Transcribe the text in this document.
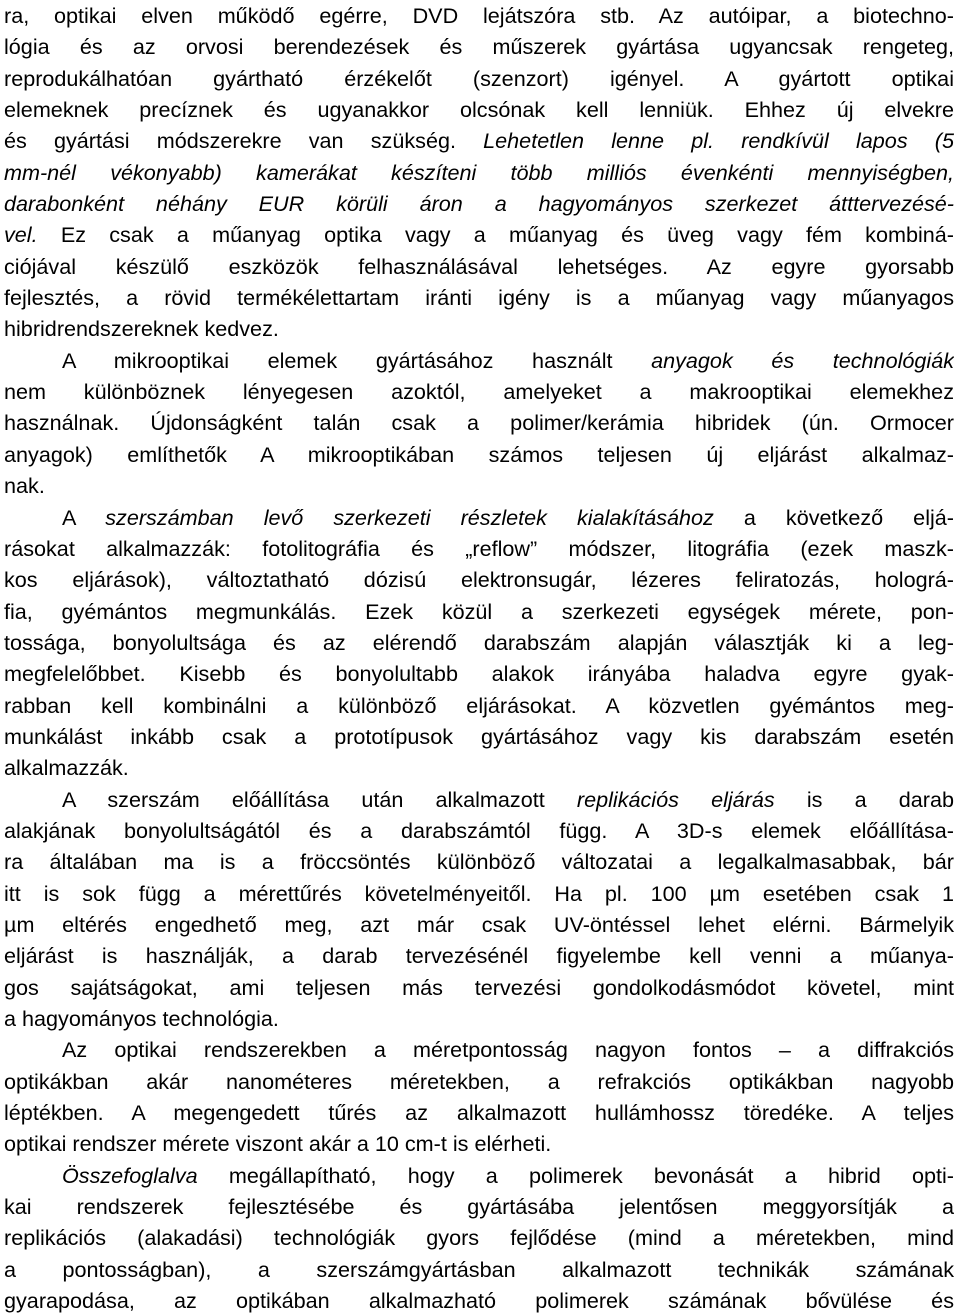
ra, optikai elven működő egérre, DVD lejátszóra stb. Az autóipar, a biotechno-
lógia és az orvosi berendezések és műszerek gyártása ugyancsak rengeteg,
reprodukálhatóan gyártható érzékelőt (szenzort) igényel. A gyártott optikai
elemeknek precíznek és ugyanakkor olcsónak kell lenniük. Ehhez új elvekre
és gyártási módszerekre van szükség. Lehetetlen lenne pl. rendkívül lapos (5
mm-nél vékonyabb) kamerákat készíteni több milliós évenkénti mennyiségben,
darabonként néhány EUR körüli áron a hagyományos szerkezet átttervezésé-
vel. Ez csak a műanyag optika vagy a műanyag és üveg vagy fém kombiná-
ciójával készülő eszközök felhasználásával lehetséges. Az egyre gyorsabb
fejlesztés, a rövid termékélettartam iránti igény is a műanyag vagy műanyagos
hibridrendszereknek kedvez.
A mikrooptikai elemek gyártásához használt anyagok és technológiák
nem különböznek lényegesen azoktól, amelyeket a makrooptikai elemekhez
használnak. Újdonságként talán csak a polimer/kerámia hibridek (ún. Ormocer
anyagok) említhetők A mikrooptikában számos teljesen új eljárást alkalmaz-
nak.
A szerszámban levő szerkezeti részletek kialakításához a következő eljá-
rásokat alkalmazzák: fotolitográfia és „reflow” módszer, litográfia (ezek maszk-
kos eljárások), változtatható dózisú elektronsugár, lézeres feliratozás, holográ-
fia, gyémántos megmunkálás. Ezek közül a szerkezeti egységek mérete, pon-
tossága, bonyolultsága és az elérendő darabszám alapján választják ki a leg-
megfelelőbbet. Kisebb és bonyolultabb alakok irányába haladva egyre gyak-
rabban kell kombinálni a különböző eljárásokat. A közvetlen gyémántos meg-
munkálást inkább csak a prototípusok gyártásához vagy kis darabszám esetén
alkalmazzák.
A szerszám előállítása után alkalmazott replikációs eljárás is a darab
alakjának bonyolultságától és a darabszámtól függ. A 3D-s elemek előállítása-
ra általában ma is a fröccsöntés különböző változatai a legalkalmasabbak, bár
itt is sok függ a mérettűrés követelményeitől. Ha pl. 100 µm esetében csak 1
µm eltérés engedhető meg, azt már csak UV-öntéssel lehet elérni. Bármelyik
eljárást is használják, a darab tervezésénél figyelembe kell venni a műanya-
gos sajátságokat, ami teljesen más tervezési gondolkodásmódot követel, mint
a hagyományos technológia.
Az optikai rendszerekben a méretpontosság nagyon fontos – a diffrakciós
optikákban akár nanométeres méretekben, a refrakciós optikákban nagyobb
léptékben. A megengedett tűrés az alkalmazott hullámhossz töredéke. A teljes
optikai rendszer mérete viszont akár a 10 cm-t is elérheti.
Összefoglalva megállapítható, hogy a polimerek bevonását a hibrid opti-
kai rendszerek fejlesztésébe és gyártásába jelentősen meggyorsítják a
replikációs (alakadási) technológiák gyors fejlődése (mind a méretekben, mind
a pontosságban), a szerszámgyártásban alkalmazott technikák számának
gyarapodása, az optikában alkalmazható polimerek számának bővülése és
